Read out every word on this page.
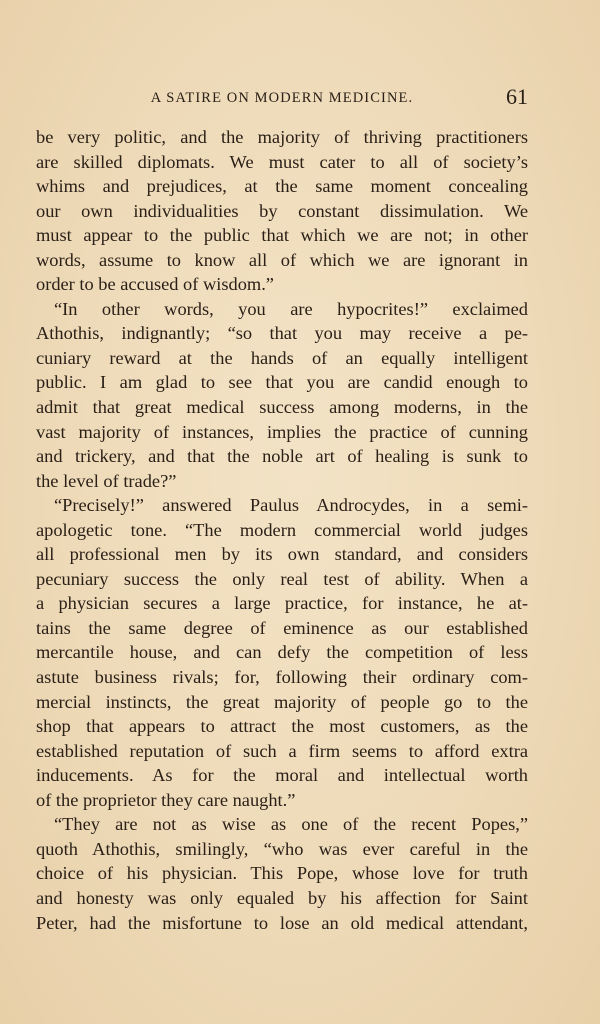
A SATIRE ON MODERN MEDICINE.	61
be very politic, and the majority of thriving practitioners
are skilled diplomats. We must cater to all of society’s
whims and prejudices, at the same moment concealing
our own individualities by constant dissimulation. We
must appear to the public that which we are not; in other
words, assume to know all of which we are ignorant in
order to be accused of wisdom.”
“In other words, you are hypocrites!” exclaimed
Athothis, indignantly; “so that you may receive a pe-
cuniary reward at the hands of an equally intelligent
public. I am glad to see that you are candid enough to
admit that great medical success among moderns, in the
vast majority of instances, implies the practice of cunning
and trickery, and that the noble art of healing is sunk to
the level of trade?”
“Precisely!” answered Paulus Androcydes, in a semi-
apologetic tone. “The modern commercial world judges
all professional men by its own standard, and considers
pecuniary success the only real test of ability. When a
a physician secures a large practice, for instance, he at-
tains the same degree of eminence as our established
mercantile house, and can defy the competition of less
astute business rivals; for, following their ordinary com-
mercial instincts, the great majority of people go to the
shop that appears to attract the most customers, as the
established reputation of such a firm seems to afford extra
inducements. As for the moral and intellectual worth
of the proprietor they care naught.”
“They are not as wise as one of the recent Popes,”
quoth Athothis, smilingly, “who was ever careful in the
choice of his physician. This Pope, whose love for truth
and honesty was only equaled by his affection for Saint
Peter, had the misfortune to lose an old medical attendant,
